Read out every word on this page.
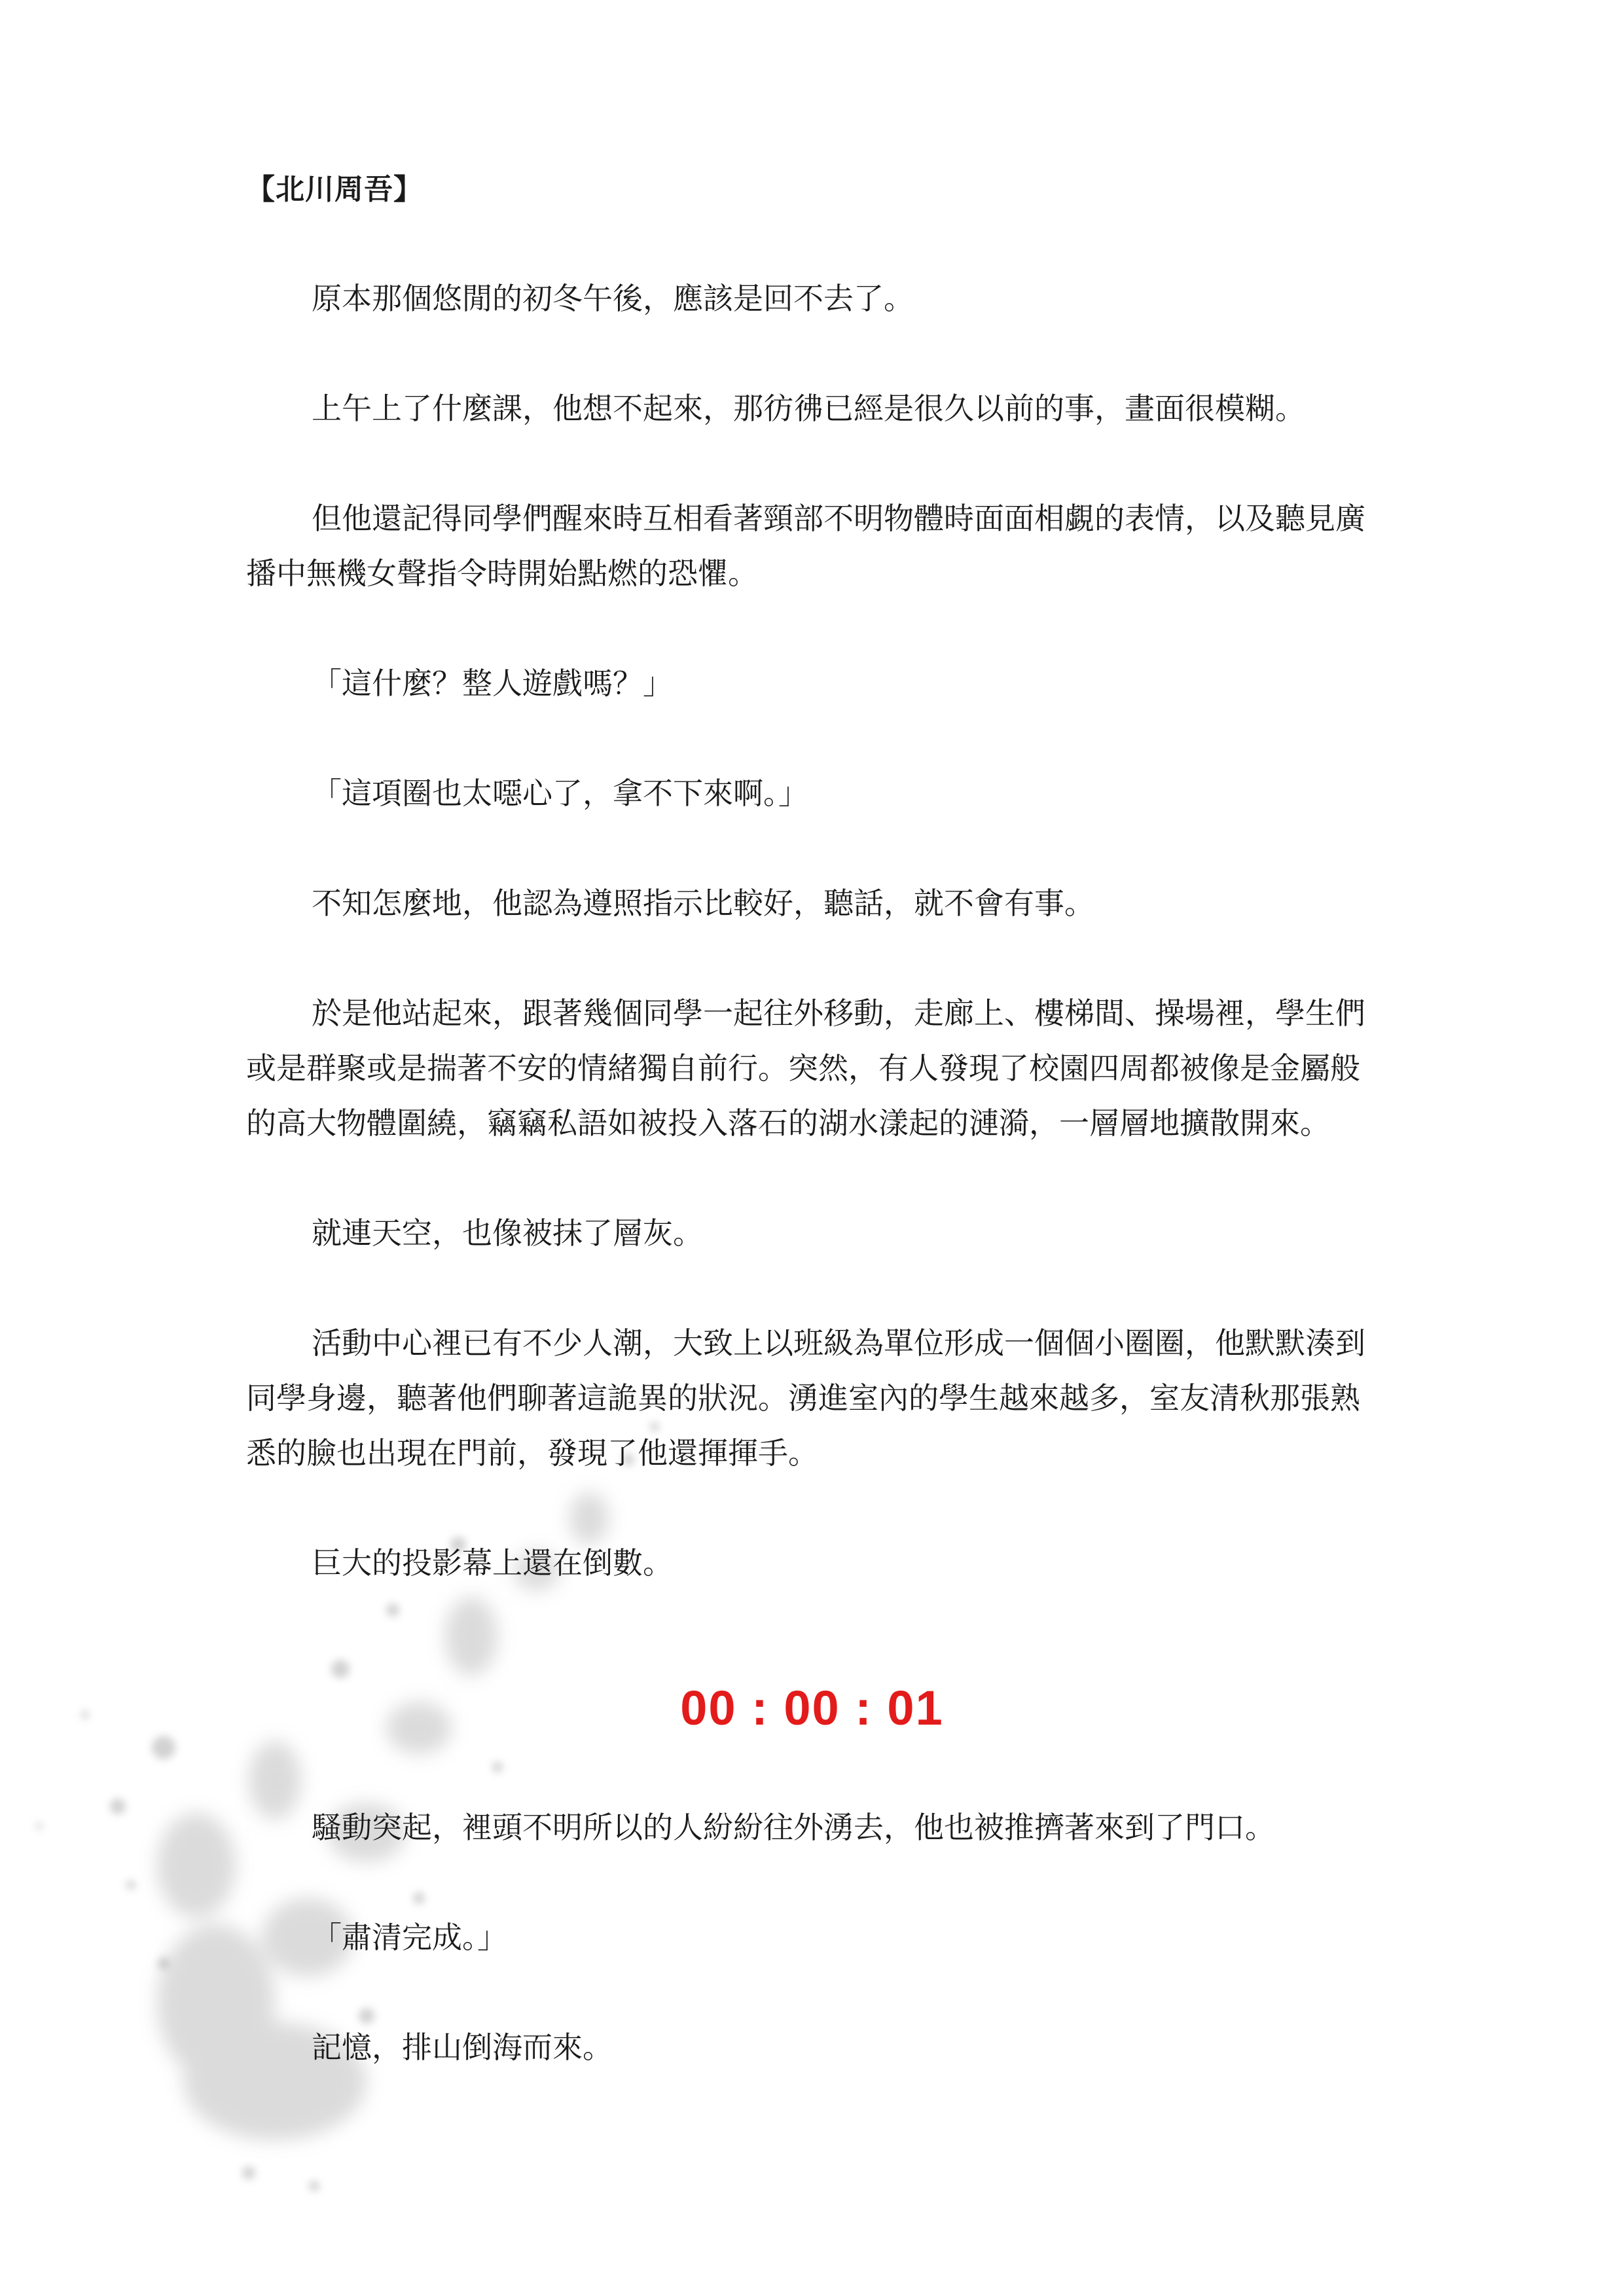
【北川周吾】

原本那個悠閒的初冬午後，應該是回不去了。

上午上了什麼課，他想不起來，那彷彿已經是很久以前的事，畫面很模糊。

但他還記得同學們醒來時互相看著頸部不明物體時面面相覷的表情，以及聽見廣播中無機女聲指令時開始點燃的恐懼。

「這什麼？整人遊戲嗎？」

「這項圈也太噁心了，拿不下來啊。」

不知怎麼地，他認為遵照指示比較好，聽話，就不會有事。

於是他站起來，跟著幾個同學一起往外移動，走廊上、樓梯間、操場裡，學生們或是群聚或是揣著不安的情緒獨自前行。突然，有人發現了校園四周都被像是金屬般的高大物體圍繞，竊竊私語如被投入落石的湖水漾起的漣漪，一層層地擴散開來。

就連天空，也像被抹了層灰。

活動中心裡已有不少人潮，大致上以班級為單位形成一個個小圈圈，他默默湊到同學身邊，聽著他們聊著這詭異的狀況。湧進室內的學生越來越多，室友清秋那張熟悉的臉也出現在門前，發現了他還揮揮手。

巨大的投影幕上還在倒數。

00 : 00 : 01

騷動突起，裡頭不明所以的人紛紛往外湧去，他也被推擠著來到了門口。

「肅清完成。」

記憶，排山倒海而來。
